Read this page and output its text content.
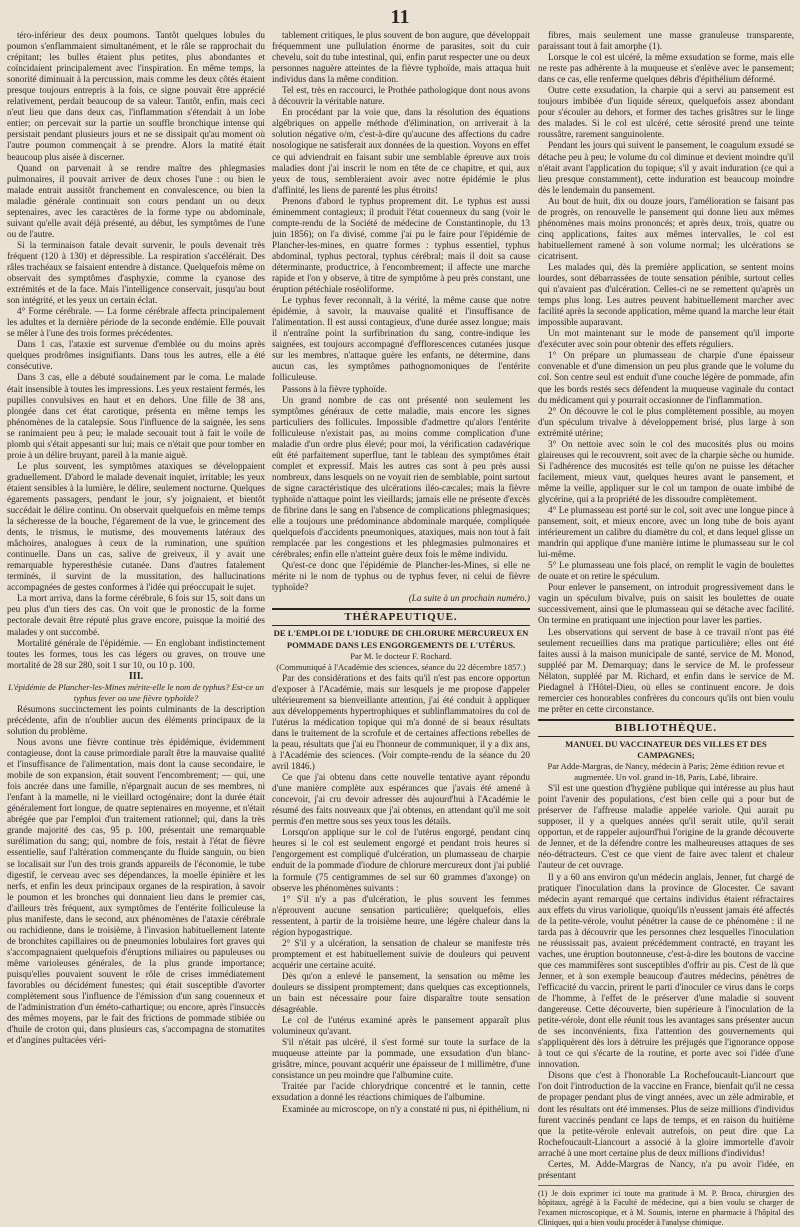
11

téro-inférieur des deux poumons. Tantôt quelques lobules du poumon s'enflammaient simultanément, et le râle se rapprochait du crépitant; les bulles étaient plus petites, plus abondantes et coïncidaient principalement avec l'inspiration. En même temps, la sonorité diminuait à la percussion, mais comme les deux côtés étaient presque toujours entrepris à la fois, ce signe pouvait être apprécié relativement, perdait beaucoup de sa valeur. Tantôt, enfin, mais ceci n'eut lieu que dans deux cas, l'inflammation s'étendait à un lobe entier; on percevait sur la partie un souffle bronchique intense qui persistait pendant plusieurs jours et ne se dissipait qu'au moment où l'autre poumon commençait à se prendre. Alors la matité était beaucoup plus aisée à discerner.

Quand on parvenait à se rendre maître des phlegmasies pulmonaires, il pouvait arriver de deux choses l'une : ou bien le malade entrait aussitôt franchement en convalescence, ou bien la maladie générale continuait son cours pendant un ou deux septenaires, avec les caractères de la forme type ou abdominale, suivant qu'elle avait déjà présenté, au début, les symptômes de l'une ou de l'autre.

Si la terminaison fatale devait survenir, le pouls devenait très fréquent (120 à 130) et dépressible. La respiration s'accélérait. Des râles trachéaux se faisaient entendre à distance. Quelquefois même on observait des symptômes d'asphyxie, comme la cyanose des extrémités et de la face. Mais l'intelligence conservait, jusqu'au bout son intégrité, et les yeux un certain éclat.

4° Forme cérébrale. — La forme cérébrale affecta principalement les adultes et la dernière période de la seconde endémie. Elle pouvait se mêler à l'une des trois formes précédentes.

Dans 1 cas, l'ataxie est survenue d'emblée ou du moins après quelques prodrômes insignifiants. Dans tous les autres, elle a été consécutive.

Dans 3 cas, elle a débuté soudainement par le coma. Le malade était insensible à toutes les impressions. Les yeux restaient fermés, les pupilles convulsives en haut et en dehors. Une fille de 38 ans, plongée dans cet état carotique, présenta en même temps les phénomènes de la catalepsie. Sous l'influence de la saignée, les sens se ranimaient peu à peu; le malade secouait tout à fait le voile de plomb qui s'était appesanti sur lui; mais ce n'était que pour tomber en proie à un délire bruyant, pareil à la manie aiguë.

Le plus souvent, les symptômes ataxiques se développaient graduellement. D'abord le malade devenait inquiet, irritable; les yeux étaient sensibles à la lumière, le délire, seulement nocturne. Quelques égarements passagers, pendant le jour, s'y joignaient, et bientôt succédait le délire continu. On observait quelquefois en même temps la sécheresse de la bouche, l'égarement de la vue, le grincement des dents, le trismus, le mutisme, des mouvements latéraux des mâchoires, analogues à ceux de la rumination, une spuïtion continuelle. Dans un cas, salive de greiveux, il y avait une remarquable hyperesthésie cutanée. Dans d'autres fatalement terminés, il survint de la mussitation, des hallucinations accompagnées de gestes conformes à l'idée qui préoccupait le sujet.

La mort arriva, dans la forme cérébrale, 6 fois sur 15, soit dans un peu plus d'un tiers des cas. On voit que le pronostic de la forme pectorale devait être réputé plus grave encore, puisque la moitié des malades y ont succombé.

Mortalité générale de l'épidémie. — En englobant indistinctement toutes les formes, tous les cas légers ou graves, on trouve une mortalité de 28 sur 280, soit 1 sur 10, ou 10 p. 100.

III.

L'épidémie de Plancher-les-Mines mérite-elle le nom de typhus? Est-ce un typhus fever ou une fièvre typhoïde?

Résumons succinctement les points culminants de la description précédente, afin de n'oublier aucun des éléments principaux de la solution du problème.

Nous avons une fièvre continue très épidémique, évidemment contagieuse, dont la cause primordiale paraît être la mauvaise qualité et l'insuffisance de l'alimentation, mais dont la cause secondaire, le mobile de son expansion, était souvent l'encombrement; — qui, une fois ancrée dans une famille, n'épargnait aucun de ses membres, ni l'enfant à la mamelle, ni le vieillard octogénaire; dont la durée était généralement fort longue, de quatre septenaires en moyenne, et n'était abrégée que par l'emploi d'un traitement rationnel; qui, dans la très grande majorité des cas, 95 p. 100, présentait une remarquable surélimation du sang; qui, nombre de fois, restait à l'état de fièvre essentielle, sauf l'altération commençante du fluide sanguin, ou bien se localisait sur l'un des trois grands appareils de l'économie, le tube digestif, le cerveau avec ses dépendances, la moelle épinière et les nerfs, et enfin les deux principaux organes de la respiration, à savoir le poumon et les bronches qui donnaient lieu dans le premier cas, d'ailleurs très fréquent, aux symptômes de l'entérite folliculeuse la plus manifeste, dans le second, aux phénomènes de l'ataxie cérébrale ou rachidienne, dans le troisième, à l'invasion habituellement latente de bronchites capillaires ou de pneumonies lobulaires fort graves qui s'accompagnaient quelquefois d'éruptions miliaires ou papuleuses ou même varioleuses générales, de la plus grande importance; puisqu'elles pouvaient souvent le rôle de crises immédiatement favorables ou décidément funestes; qui était susceptible d'avorter complètement sous l'influence de l'émission d'un sang couenneux et de l'administration d'un éméto-cathartique; ou encore, après l'insuccès des mêmes moyens, par le fait des frictions de pommade stibiée ou d'huile de croton qui, dans plusieurs cas, s'accompagna de stomatites et d'angines pultacées véri-

tablement critiques, le plus souvent de bon augure, que développait fréquemment une pullulation énorme de parasites, soit du cuir chevelu, soit du tube intestinal, qui, enfin parut respecter une ou deux personnes naguère atteintes de la fièvre typhoïde, mais attaqua huit individus dans la même condition.

Tel est, très en raccourci, le Prothée pathologique dont nous avons à découvrir la véritable nature.

En procédant par la voie que, dans la résolution des équations algébriques on appelle méthode d'élimination, on arriverait à la solution négative o/m, c'est-à-dire qu'aucune des affections du cadre nosologique ne satisferait aux données de la question. Voyons en effet ce qui adviendrait en faisant subir une semblable épreuve aux trois maladies dont j'ai inscrit le nom en tête de ce chapitre, et qui, aux yeux de tous, sembleraient avoir avec notre épidémie le plus d'affinité, les liens de parenté les plus étroits!

Prenons d'abord le typhus proprement dit. Le typhus est aussi éminemment contagieux; il produit l'état couenneux du sang (voir le compte-rendu de la Société de médecine de Constantinople, du 13 juin 1856); on l'a divisé, comme j'ai pu le faire pour l'épidémie de Plancher-les-mines, en quatre formes : typhus essentiel, typhus abdominal, typhus pectoral, typhus cérébral; mais il doit sa cause déterminante, productrice, à l'encombrement; il affecte une marche rapide et l'on y observe, à titre de symptôme à peu près constant, une éruption pétéchiale roséoliforme.

Le typhus fever reconnaît, à la vérité, la même cause que notre épidémie, à savoir, la mauvaise qualité et l'insuffisance de l'alimentation. Il est aussi contagieux, d'une durée assez longue; mais il n'entraîne point la surfibrination du sang, contre-indique les saignées, est toujours accompagné d'efflorescences cutanées jusque sur les membres, n'attaque guère les enfants, ne détermine, dans aucun cas, les symptômes pathognomoniques de l'entérite folliculeuse.

Passons à la fièvre typhoïde.

Un grand nombre de cas ont présenté non seulement les symptômes généraux de cette maladie, mais encore les signes particuliers des follicules. Impossible d'admettre qu'alors l'entérite folliculeuse n'existait pas, au moins comme complication d'une maladie d'un ordre plus élevé; pour moi, la vérification cadavérique eût été parfaitement superflue, tant le tableau des symptômes était complet et expressif. Mais les autres cas sont à peu près aussi nombreux, dans lesquels on ne voyait rien de semblable, point surtout de signe caractéristique des ulcérations iléo-cæcales; mais la fièvre typhoïde n'attaque point les vieillards; jamais elle ne présente d'excès de fibrine dans le sang en l'absence de complications phlegmasiques; elle a toujours une prédominance abdominale marquée, compliquée quelquefois d'accidents pneumoniques, ataxiques, mais non tout à fait remplacée par les congestions et les phlegmasies pulmonaires et cérébrales; enfin elle n'atteint guère deux fois le même individu.

Qu'est-ce donc que l'épidémie de Plancher-les-Mines, si elle ne mérite ni le nom de typhus ou de typhus fever, ni celui de fièvre typhoïde?

(La suite à un prochain numéro.)

THÉRAPEUTIQUE.

DE L'EMPLOI DE L'IODURE DE CHLORURE MERCUREUX EN POMMADE DANS LES ENGORGEMENTS DE L'UTÉRUS.

Par M. le docteur F. Rochard.

(Communiqué à l'Académie des sciences, séance du 22 décembre 1857.)

Par des considérations et des faits qu'il n'est pas encore opportun d'exposer à l'Académie, mais sur lesquels je me propose d'appeler ultérieurement sa bienveillante attention, j'ai été conduit à appliquer aux développements hypertrophiques et sublinflammatoires du col de l'utérus la médication topique qui m'a donné de si beaux résultats dans le traitement de la scrofule et de certaines affections rebelles de la peau, résultats que j'ai eu l'honneur de communiquer, il y a dix ans, à l'Académie des sciences. (Voir compte-rendu de la séance du 20 avril 1846.)

Ce que j'ai obtenu dans cette nouvelle tentative ayant répondu d'une manière complète aux espérances que j'avais été amené à concevoir, j'ai cru devoir adresser dès aujourd'hui à l'Académie le résumé des faits nouveaux que j'ai obtenus, en attendant qu'il me soit permis d'en mettre sous ses yeux tous les détails.

Lorsqu'on applique sur le col de l'utérus engorgé, pendant cinq heures si le col est seulement engorgé et pendant trois heures si l'engorgement est compliqué d'ulcération, un plumasseau de charpie enduit de la pommade d'iodure de chlorure mercureux dont j'ai publié la formule (75 centigrammes de sel sur 60 grammes d'axonge) on observe les phénomènes suivants :

1° S'il n'y a pas d'ulcération, le plus souvent les femmes n'éprouvent aucune sensation particulière; quelquefois, elles ressentent, à partir de la troisième heure, une légère chaleur dans la région hypogastrique.

2° S'il y a ulcération, la sensation de chaleur se manifeste très promptement et est habituellement suivie de douleurs qui peuvent acquérir une certaine acuité.

Dès qu'on a enlevé le pansement, la sensation ou même les douleurs se dissipent promptement; dans quelques cas exceptionnels, un bain est nécessaire pour faire disparaître toute sensation désagréable.

Le col de l'utérus examiné après le pansement apparaît plus volumineux qu'avant.

S'il n'était pas ulcéré, il s'est formé sur toute la surface de la muqueuse atteinte par la pommade, une exsudation d'un blanc-grisâtre, mince, pouvant acquérir une épaisseur de 1 millimètre, d'une consistance un peu moindre que l'albumine cuite.

Traitée par l'acide chlorydrique concentré et le tannin, cette exsudation a donné les réactions chimiques de l'albumine.

Examinée au microscope, on n'y a constaté ni pus, ni épithélium, ni

fibres, mais seulement une masse granuleuse transparente, paraissant tout à fait amorphe (1).

Lorsque le col est ulcéré, la même exsudation se forme, mais elle ne reste pas adhérente à la muqueuse et s'enlève avec le pansement; dans ce cas, elle renferme quelques débris d'épithélium déformé.

Outre cette exsudation, la charpie qui a servi au pansement est toujours imbibée d'un liquide séreux, quelquefois assez abondant pour s'écouler au dehors, et former des taches grisâtres sur le linge des malades. Si le col est ulcéré, cette sérosité prend une teinte roussâtre, rarement sanguinolente.

Pendant les jours qui suivent le pansement, le coagulum exsudé se détache peu à peu; le volume du col diminue et devient moindre qu'il n'était avant l'application du topique; s'il y avait induration (ce qui a lieu presque constamment), cette induration est beaucoup moindre dès le lendemain du pansement.

Au bout de huit, dix ou douze jours, l'amélioration se faisant pas de progrès, on renouvelle le pansement qui donne lieu aux mêmes phénomènes mais moins prononcés; et après deux, trois, quatre ou cinq applications, faites aux mêmes intervalles, le col est habituellement ramené à son volume normal; les ulcérations se cicatrisent.

Les malades qui, dès la première application, se sentent moins lourdes, sont débarrassées de toute sensation pénible, surtout celles qui n'avaient pas d'ulcération. Celles-ci ne se remettent qu'après un temps plus long. Les autres peuvent habituellement marcher avec facilité après la seconde application, même quand la marche leur était impossible auparavant.

Un mot maintenant sur le mode de pansement qu'il importe d'exécuter avec soin pour obtenir des effets réguliers.

1° On prépare un plumasseau de charpie d'une épaisseur convenable et d'une dimension un peu plus grande que le volume du col. Son centre seul est enduit d'une couche légère de pommade, afin que les bords restés secs défendent la muqueuse vaginale du contact du médicament qui y pourrait occasionner de l'inflammation.

2° On découvre le col le plus complètement possible, au moyen d'un spéculum trivalve à développement brisé, plus large à son extrémité utérine;

3° On nettoie avec soin le col des mucosités plus ou moins glaireuses qui le recouvrent, soit avec de la charpie sèche ou humide. Si l'adhérence des mucosités est telle qu'on ne puisse les détacher facilement, mieux vaut, quelques heures avant le pansement, et même la veille, appliquer sur le col un tampon de ouate imbibé de glycérine, qui a la propriété de les dissoudre complètement.

4° Le plumasseau est porté sur le col, soit avec une longue pince à pansement, soit, et mieux encore, avec un long tube de bois ayant intérieurement un calibre du diamètre du col, et dans lequel glisse un mandrin qui applique d'une manière intime le plumasseau sur le col lui-même.

5° Le plumasseau une fois placé, on remplit le vagin de boulettes de ouate et on retire le spéculum.

Pour enlever le pansement, on introduit progressivement dans le vagin un spéculum bivalve, puis on saisit les boulettes de ouate successivement, ainsi que le plumasseau qui se détache avec facilité. On termine en pratiquant une injection pour laver les parties.

Les observations qui servent de base à ce travail n'ont pas été seulement recueillies dans ma pratique particulière; elles ont été faites aussi à la maison municipale de santé, service de M. Monod, suppléé par M. Demarquay; dans le service de M. le professeur Nélaton, suppléé par M. Richard, et enfin dans le service de M. Piedagnel à l'Hôtel-Dieu, où elles se continuent encore. Je dois remercier ces honorables confrères du concours qu'ils ont bien voulu me prêter en cette circonstance.

BIBLIOTHÈQUE.

MANUEL DU VACCINATEUR DES VILLES ET DES CAMPAGNES;

Par Adde-Margras, de Nancy, médecin à Paris; 2ème édition revue et augmentée. Un vol. grand in-18, Paris, Labé, libraire.

S'il est une question d'hygiène publique qui intéresse au plus haut point l'avenir des populations, c'est bien celle qui a pour but de préserver de l'affreuse maladie appelée variole. Qui aurait pu supposer, il y a quelques années qu'il serait utile, qu'il serait opportun, et de rappeler aujourd'hui l'origine de la grande découverte de Jenner, et de la défendre contre les malheureuses attaques de ses néo-détracteurs. C'est ce que vient de faire avec talent et chaleur l'auteur de cet ouvrage.

Il y a 60 ans environ qu'un médecin anglais, Jenner, fut chargé de pratiquer l'inoculation dans la province de Glocester. Ce savant médecin ayant remarqué que certains individus étaient réfractaires aux effets du virus variolique, quoiqu'ils n'eussent jamais été affectés de la petite-vérole, voulut pénétrer la cause de ce phénomène : il ne tarda pas à découvrir que les personnes chez lesquelles l'inoculation ne réussissait pas, avaient précédemment contracté, en trayant les vaches, une éruption boutonneuse, c'est-à-dire les boutons de vaccine que ces mammifères sont susceptibles d'offrir au pis. C'est de là que Jenner, et à son exemple beaucoup d'autres médecins, pénètres de l'efficacité du vaccin, prirent le parti d'inoculer ce virus dans le corps de l'homme, à l'effet de le préserver d'une maladie si souvent dangereuse. Cette découverte, bien supérieure à l'inoculation de la petite-vérole, dont elle réunit tous les avantages sans présenter aucun de ses inconvénients, fixa l'attention des gouvernements qui s'appliquèrent dès lors à détruire les préjugés que l'ignorance oppose à tout ce qui s'écarte de la routine, et porte avec soi l'idée d'une innovation.

Disons que c'est à l'honorable La Rochefoucault-Liancourt que l'on doit l'introduction de la vaccine en France, bienfait qu'il ne cessa de propager pendant plus de vingt années, avec un zèle admirable, et dont les résultats ont été immenses. Plus de seize millions d'individus furent vaccinés pendant ce laps de temps, et en raison du huitième que la petite-vérole enlevait autrefois, on peut dire que La Rochefoucault-Liancourt a associé à la gloire immortelle d'avoir arraché à une mort certaine plus de deux millions d'individus!

Certes, M. Adde-Margras de Nancy, n'a pu avoir l'idée, en présentant

(1) Je dois exprimer ici toute ma gratitude à M. P. Broca, chirurgien des hôpitaux, agrégé à la Faculté de médecine, qui a bien voulu se charger de l'examen microscopique, et à M. Soumis, interne en pharmacie à l'hôpital des Cliniques, qui a bien voulu procéder à l'analyse chimique.
